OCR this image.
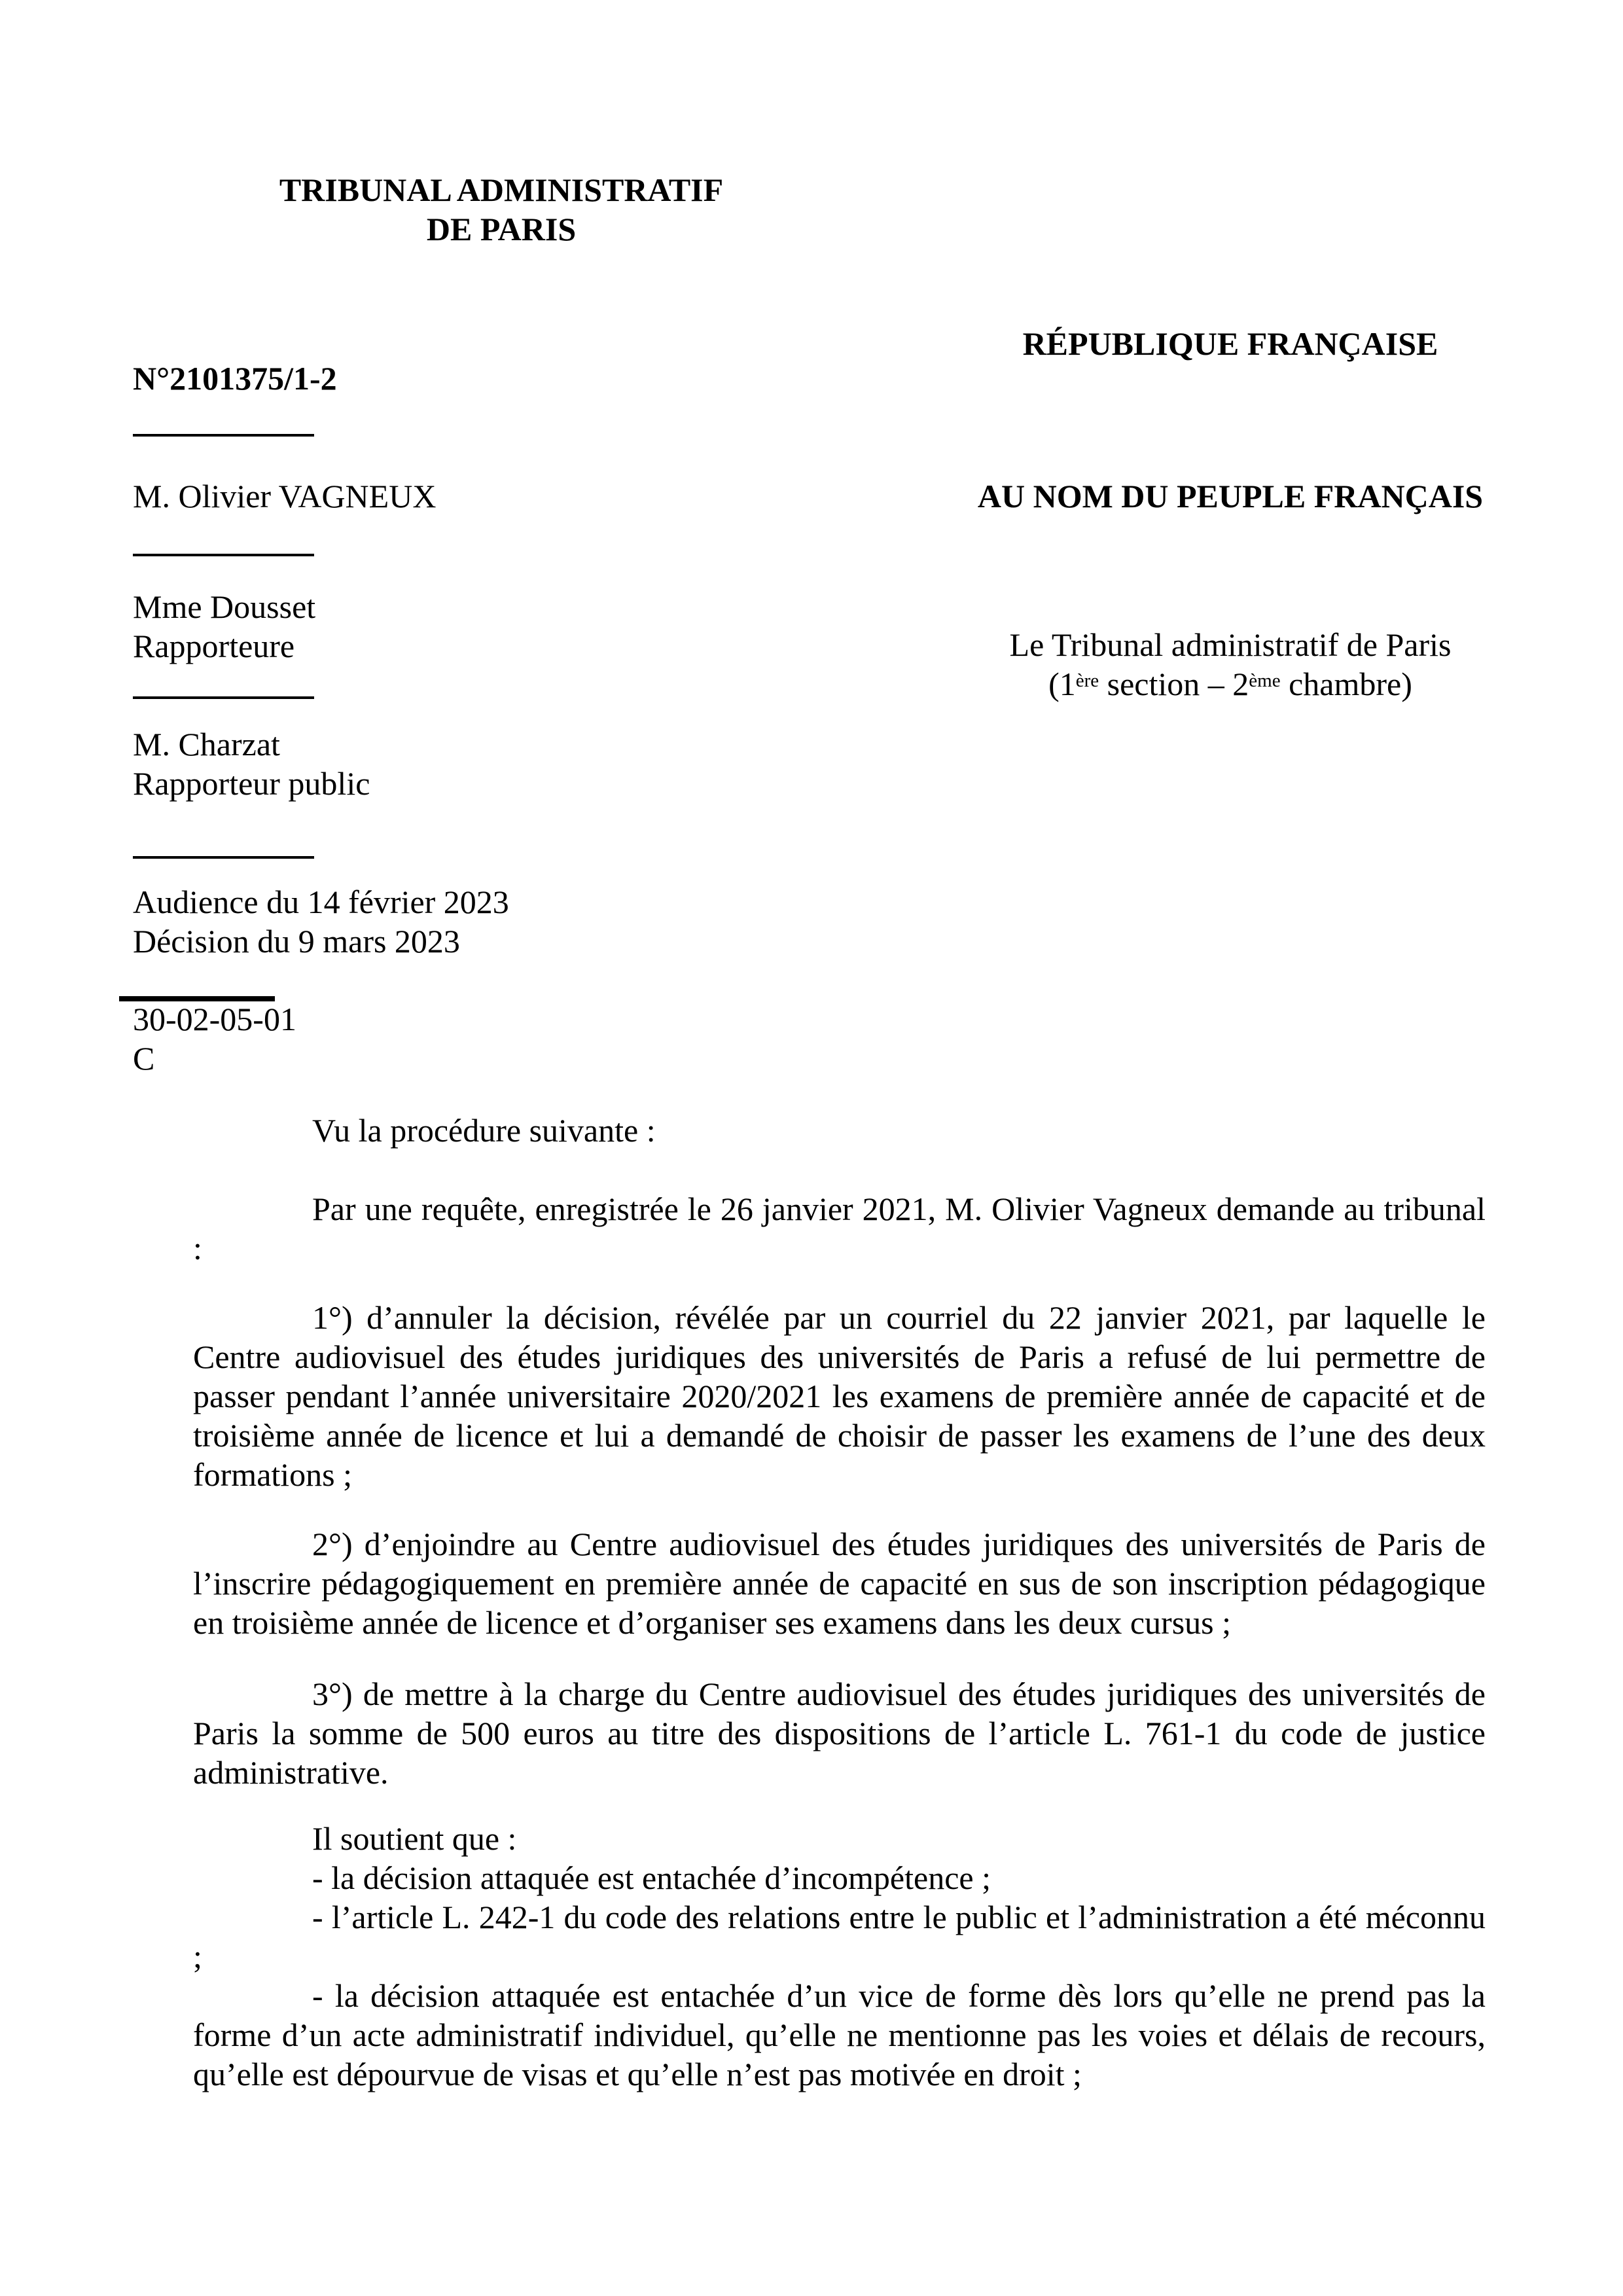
TRIBUNAL ADMINISTRATIF
DE PARIS
RÉPUBLIQUE FRANÇAISE
N°2101375/1-2
M. Olivier VAGNEUX	AU NOM DU PEUPLE FRANÇAIS
Mme Dousset
Rapporteure	Le Tribunal administratif de Paris
(1ère section – 2ème chambre)
M. Charzat
Rapporteur public
Audience du 14 février 2023
Décision du 9 mars 2023
30-02-05-01
C

Vu la procédure suivante :

Par une requête, enregistrée le 26 janvier 2021, M. Olivier Vagneux demande au tribunal :

1°) d’annuler la décision, révélée par un courriel du 22 janvier 2021, par laquelle le Centre audiovisuel des études juridiques des universités de Paris a refusé de lui permettre de passer pendant l’année universitaire 2020/2021 les examens de première année de capacité et de troisième année de licence et lui a demandé de choisir de passer les examens de l’une des deux formations ;

2°) d’enjoindre au Centre audiovisuel des études juridiques des universités de Paris de l’inscrire pédagogiquement en première année de capacité en sus de son inscription pédagogique en troisième année de licence et d’organiser ses examens dans les deux cursus ;

3°) de mettre à la charge du Centre audiovisuel des études juridiques des universités de Paris la somme de 500 euros au titre des dispositions de l’article L. 761-1 du code de justice administrative.

Il soutient que :

- la décision attaquée est entachée d’incompétence ;

- l’article L. 242-1 du code des relations entre le public et l’administration a été méconnu ;

- la décision attaquée est entachée d’un vice de forme dès lors qu’elle ne prend pas la forme d’un acte administratif individuel, qu’elle ne mentionne pas les voies et délais de recours, qu’elle est dépourvue de visas et qu’elle n’est pas motivée en droit ;
